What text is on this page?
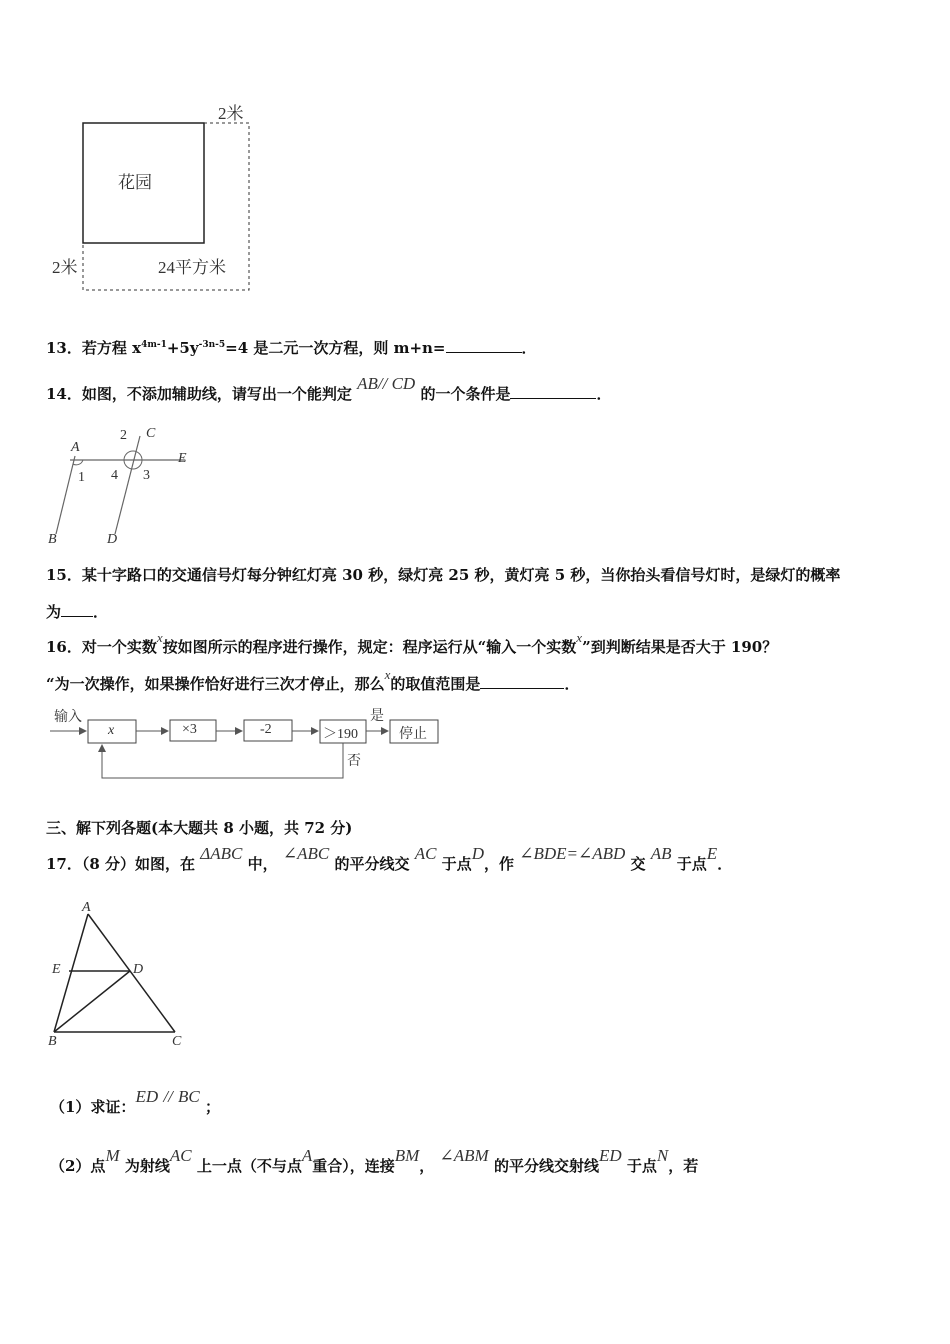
花园
2米
2米	24平方米
13．若方程 $x^{4m-1}+5y^{-3n-5}=4$ 是二元一次方程，则 m+n=	．
14．如图，不添加辅助线，请写出一个能判定 AB// CD 的一个条件是	．
A
B
C
D
E
1
2
3
4
15．某十字路口的交通信号灯每分钟红灯亮 30 秒，绿灯亮 25 秒，黄灯亮 5 秒，当你抬头看信号灯时，是绿灯的概率
为 ．
16．对一个实数x按如图所示的程序进行操作，规定：程序运行从“输入一个实数x”到判断结果是否大于 190？
“为一次操作，如果操作恰好进行三次才停止，那么x的取值范围是	．
输入
x	×3	-2	＞190
是
停止
否
三、解下列各题(本大题共 8 小题，共 72 分)
17．（8 分）如图，在 ΔABC 中， ∠ABC 的平分线交 AC 于点D，作 ∠BDE=∠ABD 交 AB 于点E．
A
B	C
D
E
（1）求证：ED // BC ；
（2）点M 为射线AC 上一点（不与点A重合），连接BM， ∠ABM 的平分线交射线ED 于点N，若
